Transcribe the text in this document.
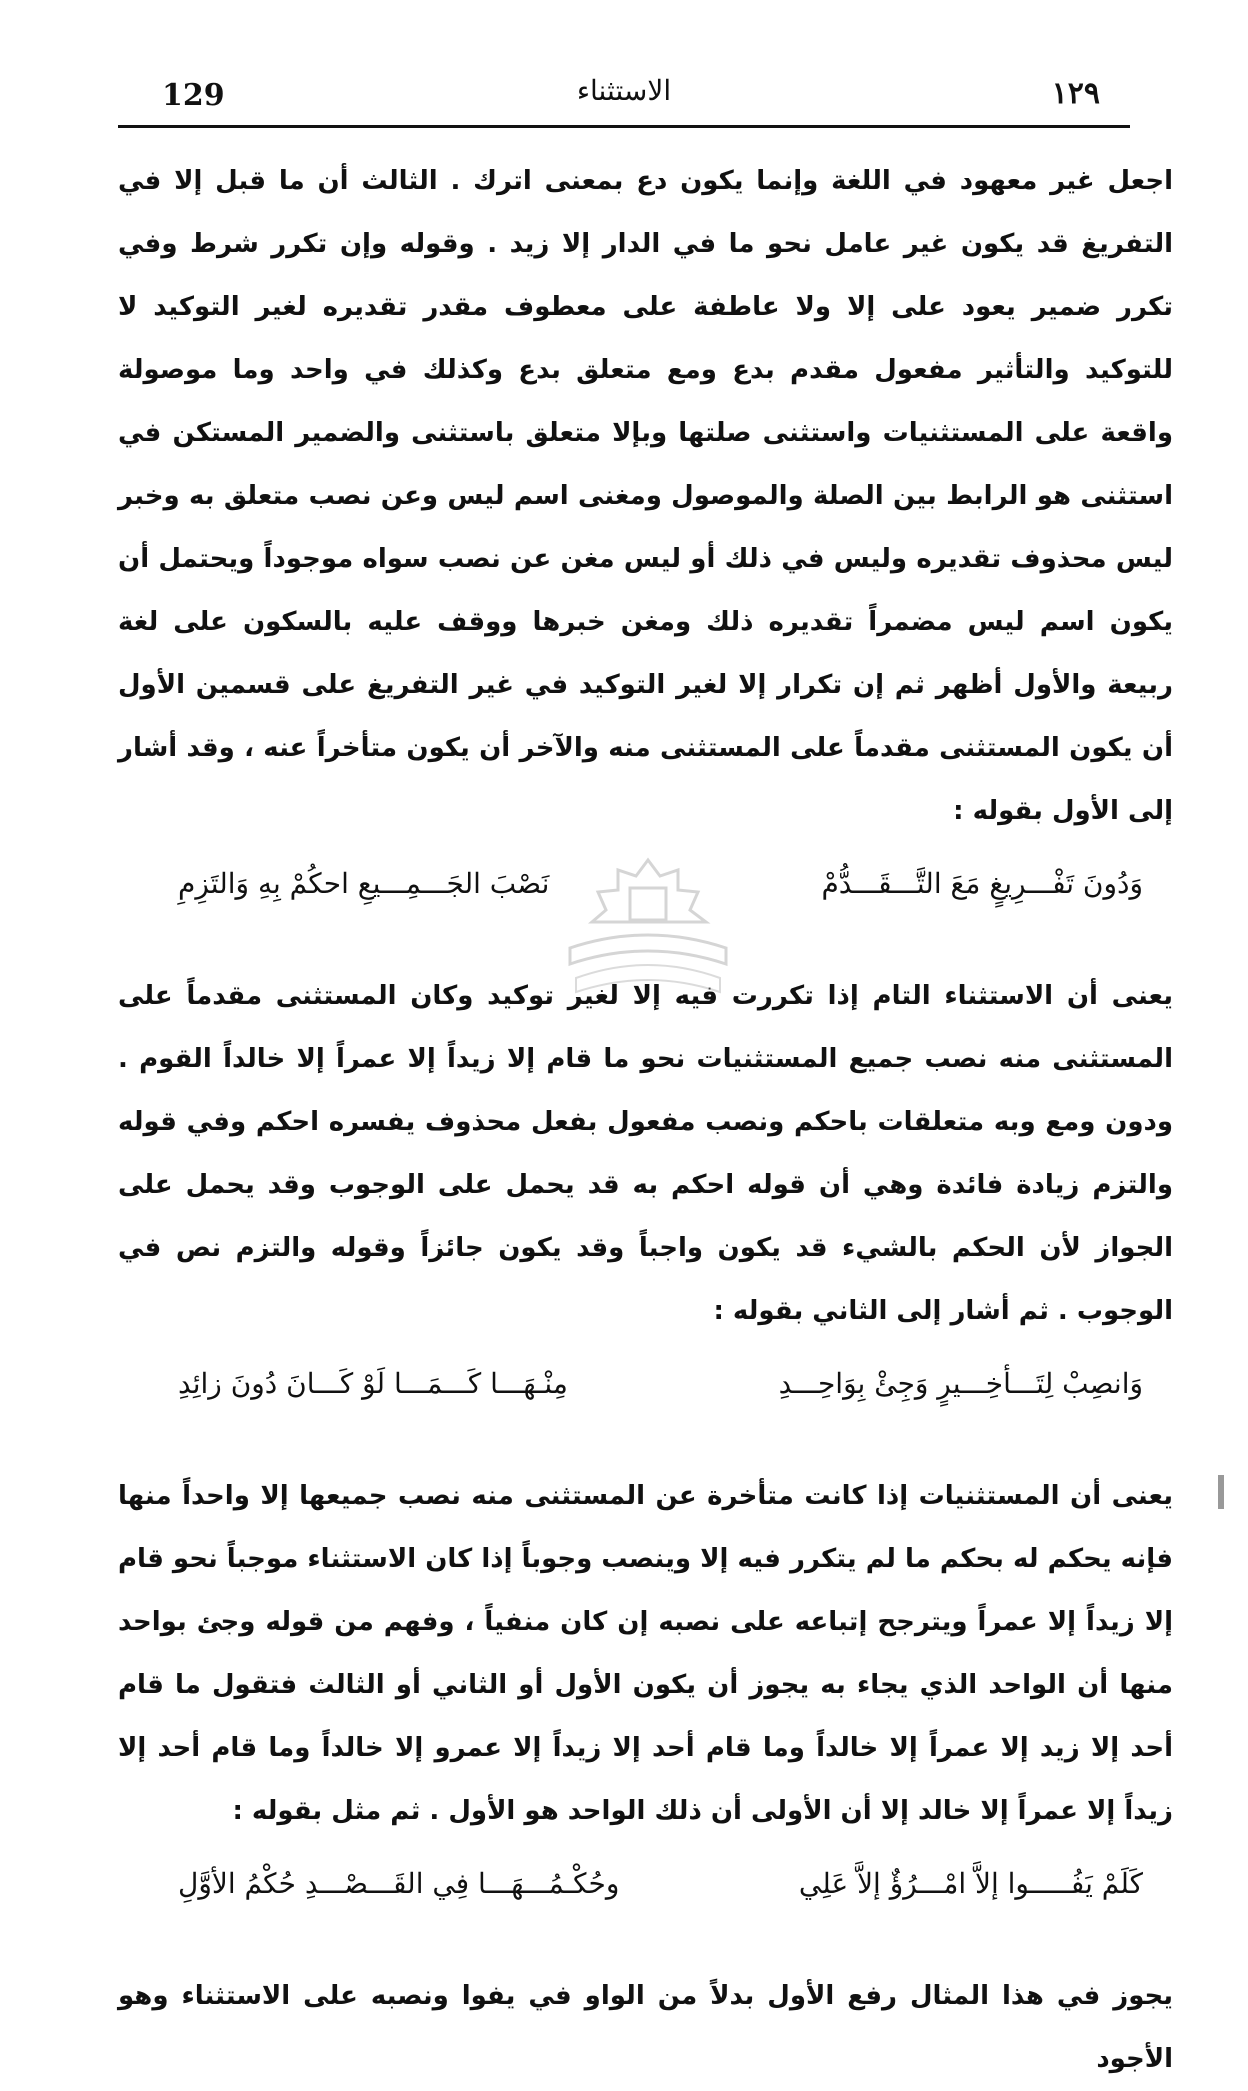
129	الاستثناء	١٢٩

اجعل غير معهود في اللغة وإنما يكون دع بمعنى اترك . الثالث أن ما قبل إلا في التفريغ قد يكون غير عامل نحو ما في الدار إلا زيد . وقوله وإن تكرر شرط وفي تكرر ضمير يعود على إلا ولا عاطفة على معطوف مقدر تقديره لغير التوكيد لا للتوكيد والتأثير مفعول مقدم بدع ومع متعلق بدع وكذلك في واحد وما موصولة واقعة على المستثنيات واستثنى صلتها وبإلا متعلق باستثنى والضمير المستكن في استثنى هو الرابط بين الصلة والموصول ومغنى اسم ليس وعن نصب متعلق به وخبر ليس محذوف تقديره وليس في ذلك أو ليس مغن عن نصب سواه موجوداً ويحتمل أن يكون اسم ليس مضمراً تقديره ذلك ومغن خبرها ووقف عليه بالسكون على لغة ربيعة والأول أظهر ثم إن تكرار إلا لغير التوكيد في غير التفريغ على قسمين الأول أن يكون المستثنى مقدماً على المستثنى منه والآخر أن يكون متأخراً عنه ، وقد أشار إلى الأول بقوله :

وَدُونَ تَفْـــرِيغٍ مَعَ التَّـــقَـــدُّمْ
نَصْبَ الجَـــمِـــيعِ احكُمْ بِهِ وَالتَزِمِ

يعنى أن الاستثناء التام إذا تكررت فيه إلا لغير توكيد وكان المستثنى مقدماً على المستثنى منه نصب جميع المستثنيات نحو ما قام إلا زيداً إلا عمراً إلا خالداً القوم . ودون ومع وبه متعلقات باحكم ونصب مفعول بفعل محذوف يفسره احكم وفي قوله والتزم زيادة فائدة وهي أن قوله احكم به قد يحمل على الوجوب وقد يحمل على الجواز لأن الحكم بالشيء قد يكون واجباً وقد يكون جائزاً وقوله والتزم نص في الوجوب . ثم أشار إلى الثاني بقوله :

وَانصِبْ لِتَـــأخِـــيرٍ وَجِئْ بِوَاحِـــدِ
مِنْـهَـــا كَـــمَـــا لَوْ كَـــانَ دُونَ زائِدِ

يعنى أن المستثنيات إذا كانت متأخرة عن المستثنى منه نصب جميعها إلا واحداً منها فإنه يحكم له بحكم ما لم يتكرر فيه إلا وينصب وجوباً إذا كان الاستثناء موجباً نحو قام إلا زيداً إلا عمراً ويترجح إتباعه على نصبه إن كان منفياً ، وفهم من قوله وجئ بواحد منها أن الواحد الذي يجاء به يجوز أن يكون الأول أو الثاني أو الثالث فتقول ما قام أحد إلا زيد إلا عمراً إلا خالداً وما قام أحد إلا زيداً إلا عمرو إلا خالداً وما قام أحد إلا زيداً إلا عمراً إلا خالد إلا أن الأولى أن ذلك الواحد هو الأول . ثم مثل بقوله :

كَلَمْ يَفُـــــوا إلاَّ امْـــرُؤٌ إلاَّ عَلِي
وحُكْـمُـــهَـــا فِي القَـــصْـــدِ حُكْمُ الأوَّلِ

يجوز في هذا المثال رفع الأول بدلاً من الواو في يفوا ونصبه على الاستثناء وهو الأجود
